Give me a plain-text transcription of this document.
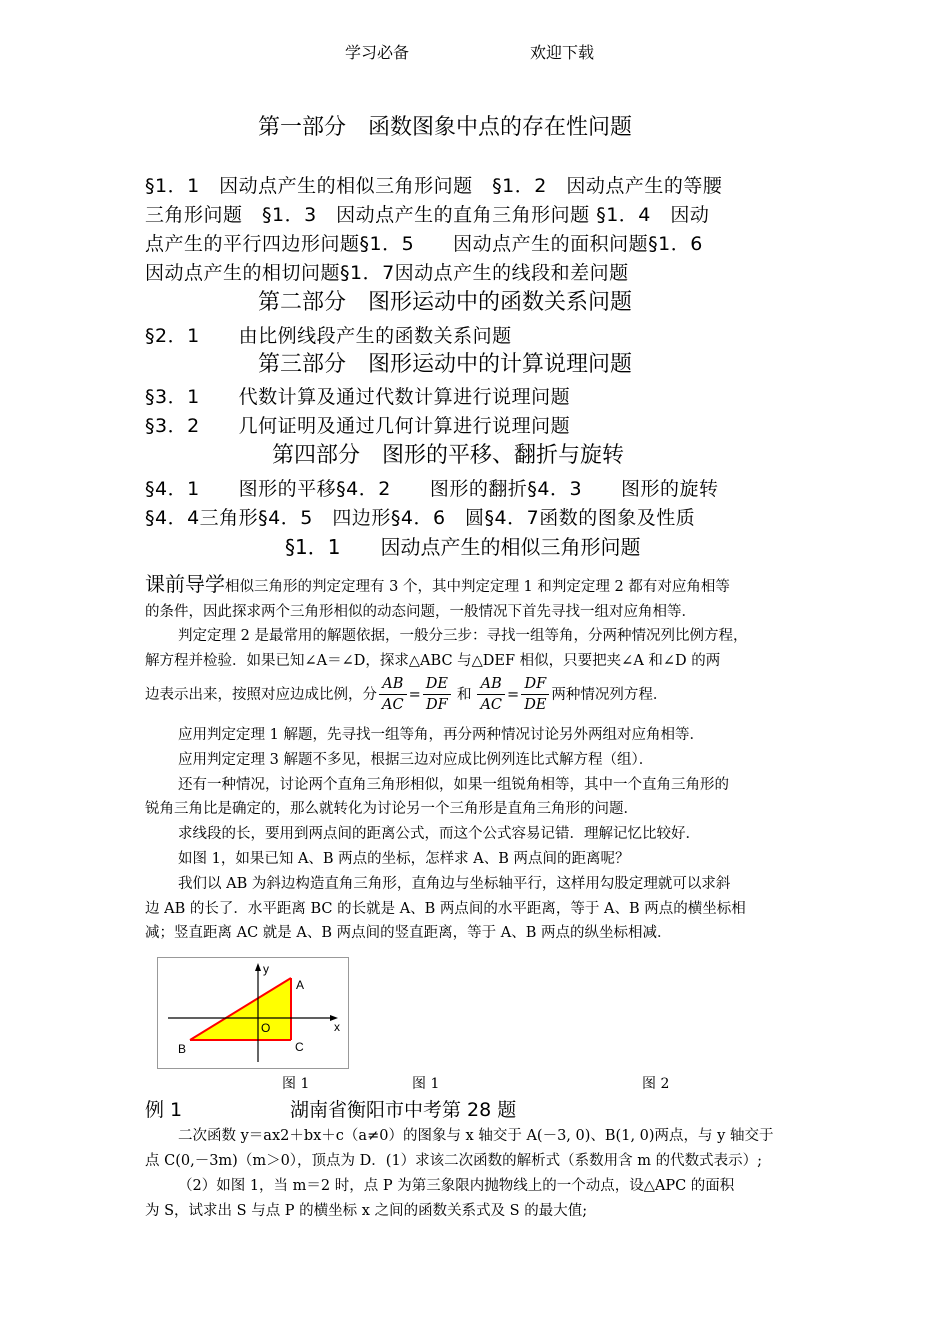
学习必备	欢迎下载
第一部分　函数图象中点的存在性问题
§1．1　因动点产生的相似三角形问题　§1．2　因动点产生的等腰
三角形问题　§1．3　因动点产生的直角三角形问题 §1．4　因动
点产生的平行四边形问题§1．5　　因动点产生的面积问题§1．6
因动点产生的相切问题§1．7因动点产生的线段和差问题
第二部分　图形运动中的函数关系问题
§2．1　　由比例线段产生的函数关系问题
第三部分　图形运动中的计算说理问题
§3．1　　代数计算及通过代数计算进行说理问题
§3．2　　几何证明及通过几何计算进行说理问题
第四部分　图形的平移、翻折与旋转
§4．1　　图形的平移§4．2　　图形的翻折§4．3　　图形的旋转
§4．4三角形§4．5　四边形§4．6　圆§4．7函数的图象及性质
§1．1　　因动点产生的相似三角形问题
课前导学相似三角形的判定定理有 3 个，其中判定定理 1 和判定定理 2 都有对应角相等
的条件，因此探求两个三角形相似的动态问题，一般情况下首先寻找一组对应角相等．
判定定理 2 是最常用的解题依据，一般分三步：寻找一组等角，分两种情况列比例方程，
解方程并检验．如果已知∠A＝∠D，探求△ABC 与△DEF 相似，只要把夹∠A 和∠D 的两
边表示出来，按照对应边成比例，分 $\frac{AB}{AC} = \frac{DE}{DF}$ 和 $\frac{AB}{AC} = \frac{DF}{DE}$ 两种情况列方程．
应用判定定理 1 解题，先寻找一组等角，再分两种情况讨论另外两组对应角相等．
应用判定定理 3 解题不多见，根据三边对应成比例列连比式解方程（组）．
还有一种情况，讨论两个直角三角形相似，如果一组锐角相等，其中一个直角三角形的
锐角三角比是确定的，那么就转化为讨论另一个三角形是直角三角形的问题．
求线段的长，要用到两点间的距离公式，而这个公式容易记错．理解记忆比较好．
如图 1，如果已知 A、B 两点的坐标，怎样求 A、B 两点间的距离呢？
我们以 AB 为斜边构造直角三角形，直角边与坐标轴平行，这样用勾股定理就可以求斜
边 AB 的长了．水平距离 BC 的长就是 A、B 两点间的水平距离，等于 A、B 两点的横坐标相
减；竖直距离 AC 就是 A、B 两点间的竖直距离，等于 A、B 两点的纵坐标相减．
y
x
A
B	C
O
图 1	图 1	图 2
例 1	湖南省衡阳市中考第 28 题
二次函数 y＝ax2＋bx＋c（a≠0）的图象与 x 轴交于 A(－3, 0)、B(1, 0)两点，与 y 轴交于
点 C(0,－3m)（m＞0），顶点为 D．(1）求该二次函数的解析式（系数用含 m 的代数式表示）;
（2）如图 1，当 m＝2 时，点 P 为第三象限内抛物线上的一个动点，设△APC 的面积
为 S，试求出 S 与点 P 的横坐标 x 之间的函数关系式及 S 的最大值;
